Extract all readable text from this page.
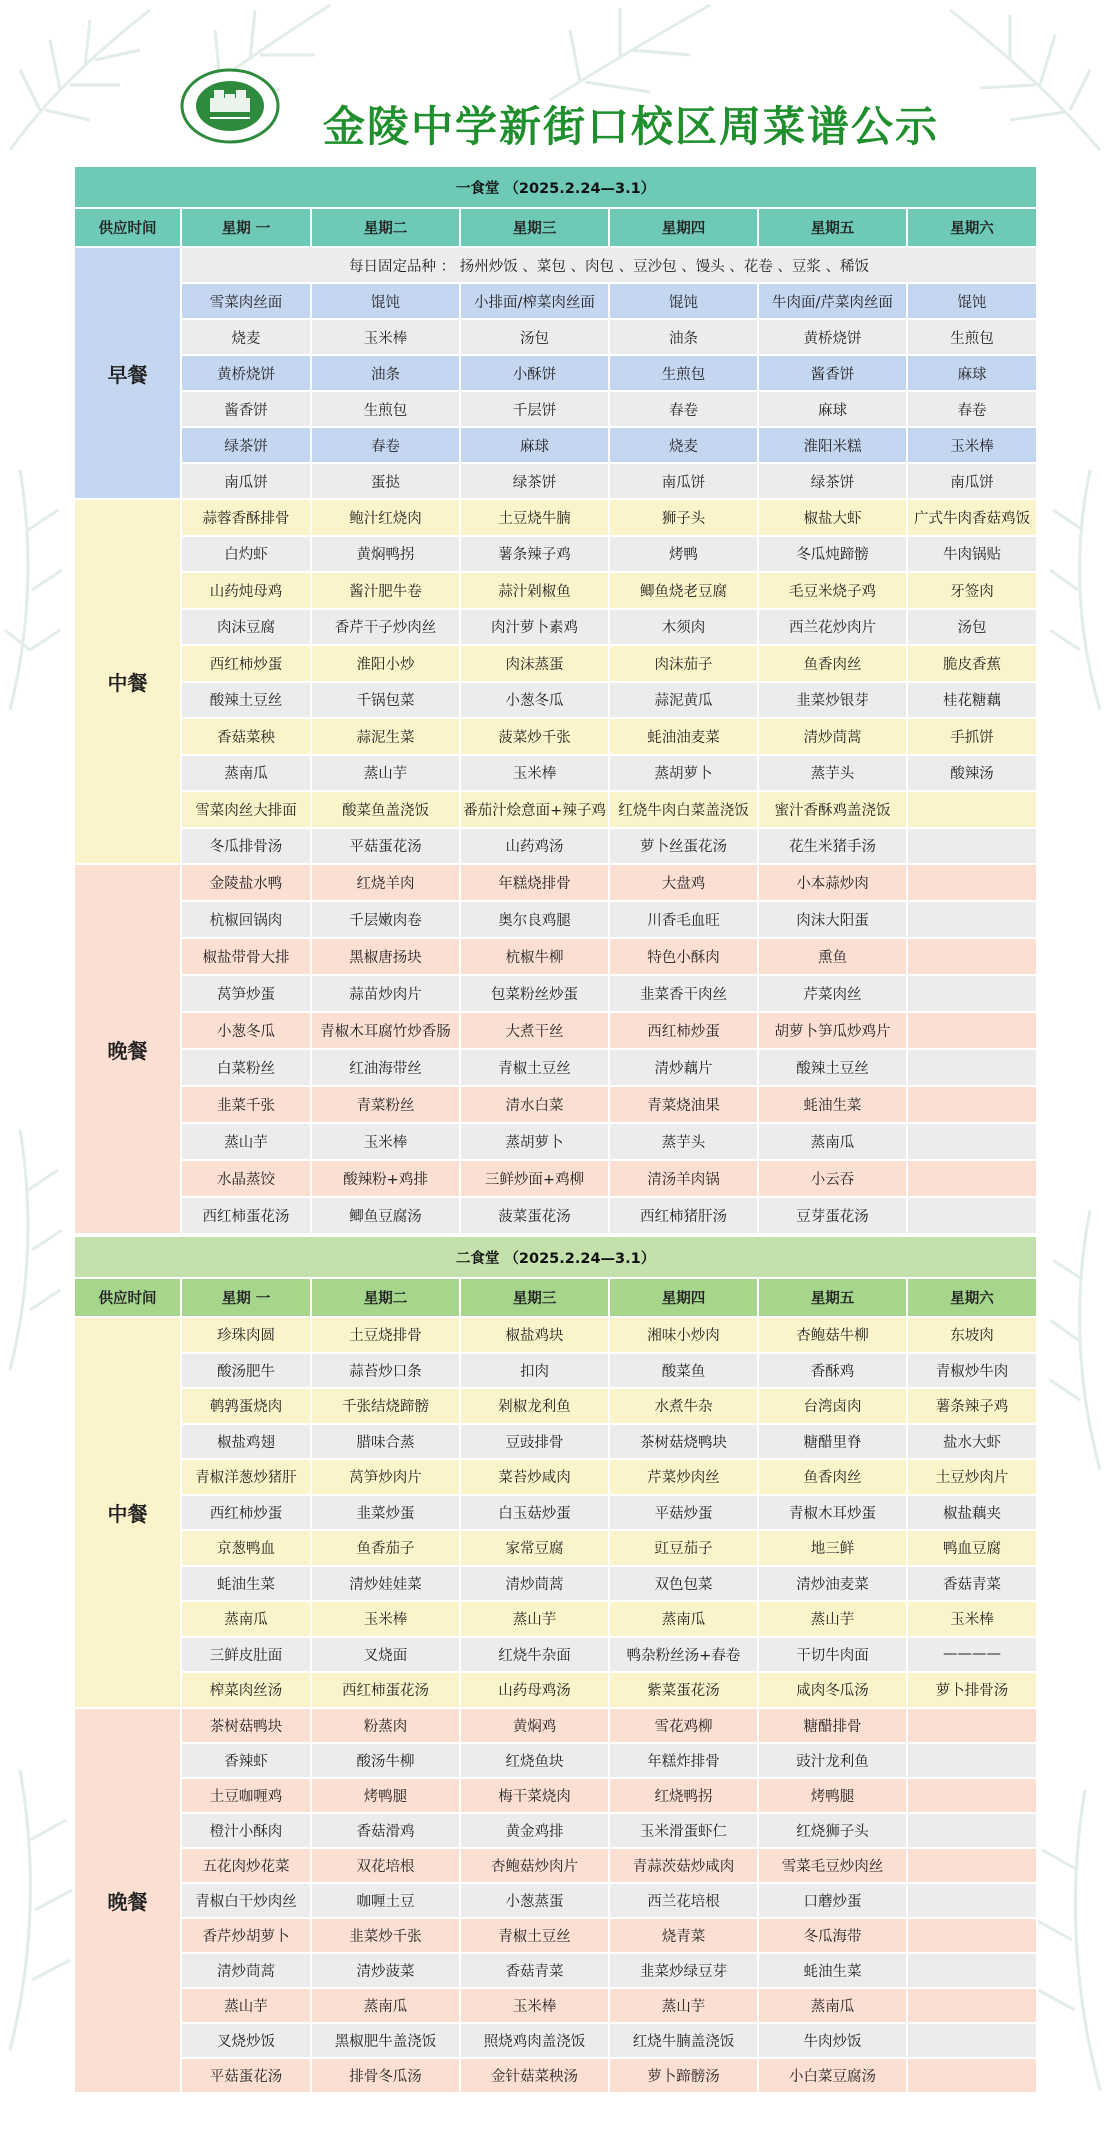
金陵中学新街口校区周菜谱公示
一食堂 （2025.2.24—3.1）						
供应时间	星期 一	星期二	星期三	星期四	星期五	星期六
早餐	每日固定品种 ： 扬州炒饭 、菜包 、肉包 、豆沙包 、馒头 、花卷 、豆浆 、稀饭					
	雪菜肉丝面	馄饨	小排面/榨菜肉丝面	馄饨	牛肉面/芹菜肉丝面	馄饨
	烧麦	玉米棒	汤包	油条	黄桥烧饼	生煎包
	黄桥烧饼	油条	小酥饼	生煎包	酱香饼	麻球
	酱香饼	生煎包	千层饼	春卷	麻球	春卷
	绿茶饼	春卷	麻球	烧麦	淮阳米糕	玉米棒
	南瓜饼	蛋挞	绿茶饼	南瓜饼	绿茶饼	南瓜饼
中餐	蒜蓉香酥排骨	鲍汁红烧肉	土豆烧牛腩	狮子头	椒盐大虾	广式牛肉香菇鸡饭
	白灼虾	黄焖鸭拐	薯条辣子鸡	烤鸭	冬瓜炖蹄髈	牛肉锅贴
	山药炖母鸡	酱汁肥牛卷	蒜汁剁椒鱼	鲫鱼烧老豆腐	毛豆米烧子鸡	牙签肉
	肉沫豆腐	香芹干子炒肉丝	肉汁萝卜素鸡	木须肉	西兰花炒肉片	汤包
	西红柿炒蛋	淮阳小炒	肉沫蒸蛋	肉沫茄子	鱼香肉丝	脆皮香蕉
	酸辣土豆丝	千锅包菜	小葱冬瓜	蒜泥黄瓜	韭菜炒银芽	桂花糖藕
	香菇菜秧	蒜泥生菜	菠菜炒千张	蚝油油麦菜	清炒茼蒿	手抓饼
	蒸南瓜	蒸山芋	玉米棒	蒸胡萝卜	蒸芋头	酸辣汤
	雪菜肉丝大排面	酸菜鱼盖浇饭	番茄汁烩意面+辣子鸡	红烧牛肉白菜盖浇饭	蜜汁香酥鸡盖浇饭	
	冬瓜排骨汤	平菇蛋花汤	山药鸡汤	萝卜丝蛋花汤	花生米猪手汤	
晚餐	金陵盐水鸭	红烧羊肉	年糕烧排骨	大盘鸡	小本蒜炒肉	
	杭椒回锅肉	千层嫩肉卷	奥尔良鸡腿	川香毛血旺	肉沫大阳蛋	
	椒盐带骨大排	黑椒唐扬块	杭椒牛柳	特色小酥肉	熏鱼	
	莴笋炒蛋	蒜苗炒肉片	包菜粉丝炒蛋	韭菜香干肉丝	芹菜肉丝	
	小葱冬瓜	青椒木耳腐竹炒香肠	大煮干丝	西红柿炒蛋	胡萝卜笋瓜炒鸡片	
	白菜粉丝	红油海带丝	青椒土豆丝	清炒藕片	酸辣土豆丝	
	韭菜千张	青菜粉丝	清水白菜	青菜烧油果	蚝油生菜	
	蒸山芋	玉米棒	蒸胡萝卜	蒸芋头	蒸南瓜	
	水晶蒸饺	酸辣粉+鸡排	三鲜炒面+鸡柳	清汤羊肉锅	小云吞	
	西红柿蛋花汤	鲫鱼豆腐汤	菠菜蛋花汤	西红柿猪肝汤	豆芽蛋花汤	
二食堂 （2025.2.24—3.1）						
供应时间	星期 一	星期二	星期三	星期四	星期五	星期六
中餐	珍珠肉圆	土豆烧排骨	椒盐鸡块	湘味小炒肉	杏鲍菇牛柳	东坡肉
	酸汤肥牛	蒜苔炒口条	扣肉	酸菜鱼	香酥鸡	青椒炒牛肉
	鹌鹑蛋烧肉	千张结烧蹄髈	剁椒龙利鱼	水煮牛杂	台湾卤肉	薯条辣子鸡
	椒盐鸡翅	腊味合蒸	豆豉排骨	茶树菇烧鸭块	糖醋里脊	盐水大虾
	青椒洋葱炒猪肝	莴笋炒肉片	菜苔炒咸肉	芹菜炒肉丝	鱼香肉丝	土豆炒肉片
	西红柿炒蛋	韭菜炒蛋	白玉菇炒蛋	平菇炒蛋	青椒木耳炒蛋	椒盐藕夹
	京葱鸭血	鱼香茄子	家常豆腐	豇豆茄子	地三鲜	鸭血豆腐
	蚝油生菜	清炒娃娃菜	清炒茼蒿	双色包菜	清炒油麦菜	香菇青菜
	蒸南瓜	玉米棒	蒸山芋	蒸南瓜	蒸山芋	玉米棒
	三鲜皮肚面	叉烧面	红烧牛杂面	鸭杂粉丝汤+春卷	干切牛肉面	————
	榨菜肉丝汤	西红柿蛋花汤	山药母鸡汤	紫菜蛋花汤	咸肉冬瓜汤	萝卜排骨汤
晚餐	茶树菇鸭块	粉蒸肉	黄焖鸡	雪花鸡柳	糖醋排骨	
	香辣虾	酸汤牛柳	红烧鱼块	年糕炸排骨	豉汁龙利鱼	
	土豆咖喱鸡	烤鸭腿	梅干菜烧肉	红烧鸭拐	烤鸭腿	
	橙汁小酥肉	香菇滑鸡	黄金鸡排	玉米滑蛋虾仁	红烧狮子头	
	五花肉炒花菜	双花培根	杏鲍菇炒肉片	青蒜茨菇炒咸肉	雪菜毛豆炒肉丝	
	青椒白干炒肉丝	咖喱土豆	小葱蒸蛋	西兰花培根	口蘑炒蛋	
	香芹炒胡萝卜	韭菜炒千张	青椒土豆丝	烧青菜	冬瓜海带	
	清炒茼蒿	清炒菠菜	香菇青菜	韭菜炒绿豆芽	蚝油生菜	
	蒸山芋	蒸南瓜	玉米棒	蒸山芋	蒸南瓜	
	叉烧炒饭	黑椒肥牛盖浇饭	照烧鸡肉盖浇饭	红烧牛腩盖浇饭	牛肉炒饭	
	平菇蛋花汤	排骨冬瓜汤	金针菇菜秧汤	萝卜蹄髈汤	小白菜豆腐汤	
